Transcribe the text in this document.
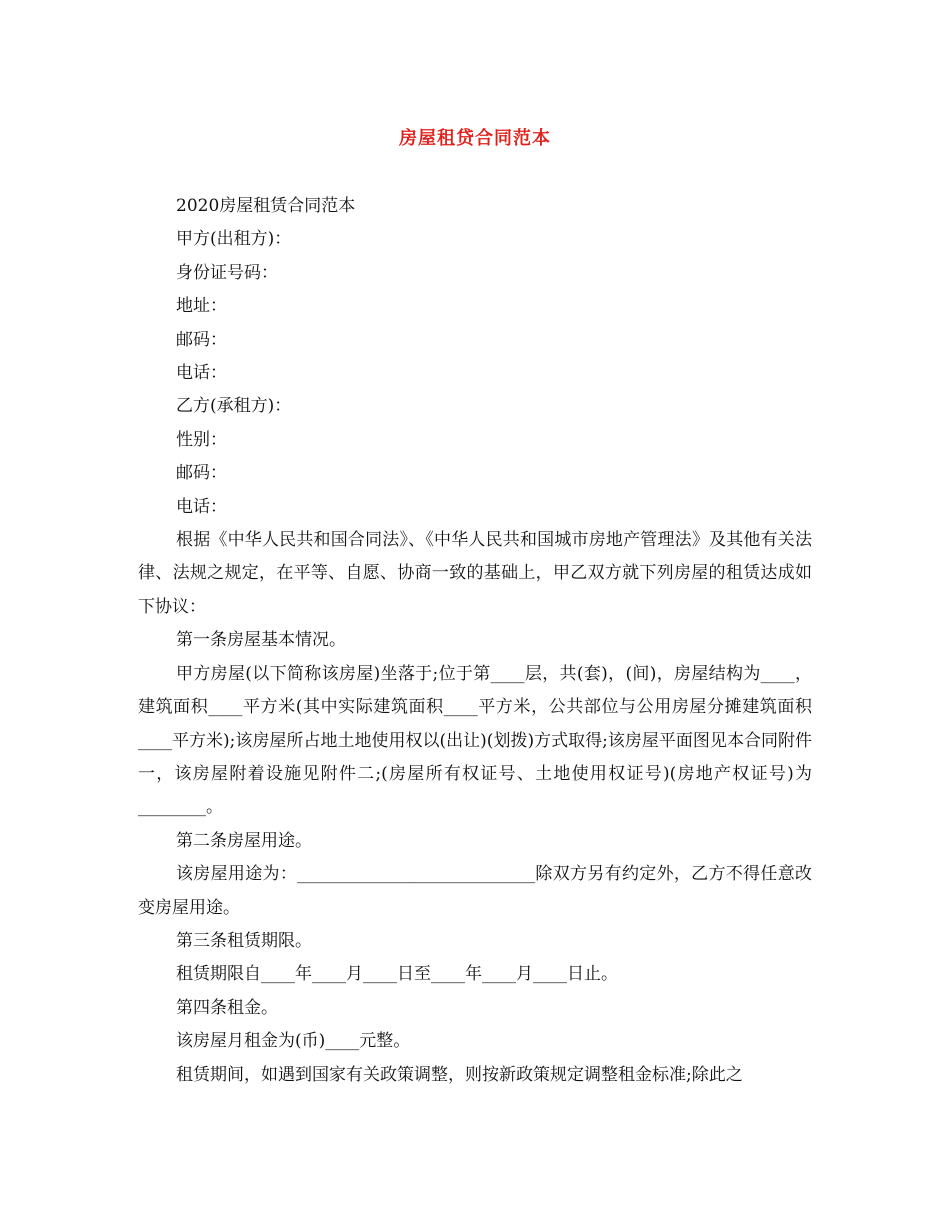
房屋租贷合同范本

2020房屋租赁合同范本

甲方(出租方)：

身份证号码：

地址：

邮码：

电话：

乙方(承租方)：

性别：

邮码：

电话：

根据《中华人民共和国合同法》、《中华人民共和国城市房地产管理法》及其他有关法律、法规之规定，在平等、自愿、协商一致的基础上，甲乙双方就下列房屋的租赁达成如下协议：

第一条房屋基本情况。

甲方房屋(以下简称该房屋)坐落于;位于第____层，共(套)，(间)，房屋结构为____，建筑面积____平方米(其中实际建筑面积____平方米，公共部位与公用房屋分摊建筑面积____平方米);该房屋所占地土地使用权以(出让)(划拨)方式取得;该房屋平面图见本合同附件一，该房屋附着设施见附件二;(房屋所有权证号、土地使用权证号)(房地产权证号)为________。

第二条房屋用途。

该房屋用途为：____________________________除双方另有约定外，乙方不得任意改变房屋用途。

第三条租赁期限。

租赁期限自____年____月____日至____年____月____日止。

第四条租金。

该房屋月租金为(币)____元整。

租赁期间，如遇到国家有关政策调整，则按新政策规定调整租金标准;除此之
